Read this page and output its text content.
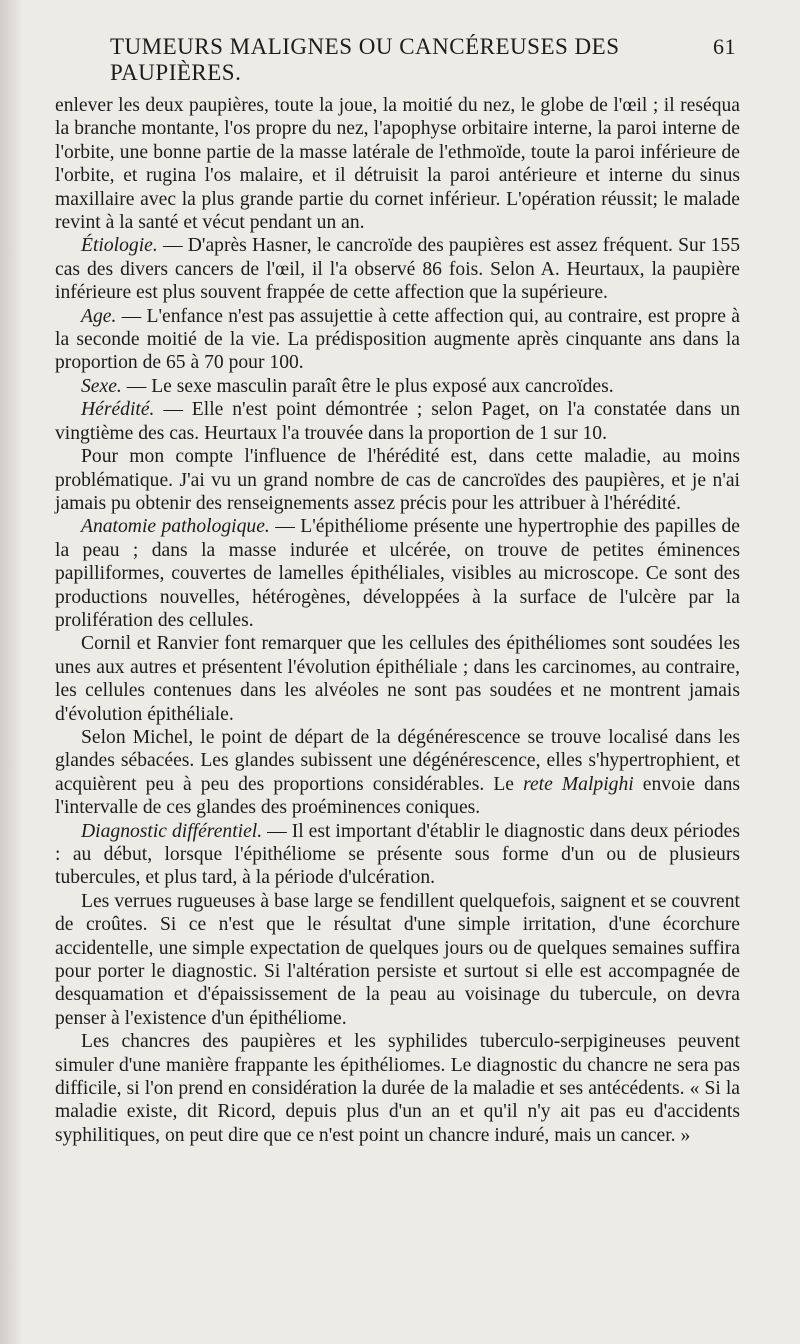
TUMEURS MALIGNES OU CANCÉREUSES DES PAUPIÈRES.
61

enlever les deux paupières, toute la joue, la moitié du nez, le globe de l'œil ; il reséqua la branche montante, l'os propre du nez, l'apophyse orbitaire interne, la paroi interne de l'orbite, une bonne partie de la masse latérale de l'ethmoïde, toute la paroi inférieure de l'orbite, et rugina l'os malaire, et il détruisit la paroi antérieure et interne du sinus maxillaire avec la plus grande partie du cornet inférieur. L'opération réussit; le malade revint à la santé et vécut pendant un an.

Étiologie. — D'après Hasner, le cancroïde des paupières est assez fréquent. Sur 155 cas des divers cancers de l'œil, il l'a observé 86 fois. Selon A. Heurtaux, la paupière inférieure est plus souvent frappée de cette affection que la supérieure.

Age. — L'enfance n'est pas assujettie à cette affection qui, au contraire, est propre à la seconde moitié de la vie. La prédisposition augmente après cinquante ans dans la proportion de 65 à 70 pour 100.

Sexe. — Le sexe masculin paraît être le plus exposé aux cancroïdes.

Hérédité. — Elle n'est point démontrée ; selon Paget, on l'a constatée dans un vingtième des cas. Heurtaux l'a trouvée dans la proportion de 1 sur 10.

Pour mon compte l'influence de l'hérédité est, dans cette maladie, au moins problématique. J'ai vu un grand nombre de cas de cancroïdes des paupières, et je n'ai jamais pu obtenir des renseignements assez précis pour les attribuer à l'hérédité.

Anatomie pathologique. — L'épithéliome présente une hypertrophie des papilles de la peau ; dans la masse indurée et ulcérée, on trouve de petites éminences papilliformes, couvertes de lamelles épithéliales, visibles au microscope. Ce sont des productions nouvelles, hétérogènes, développées à la surface de l'ulcère par la prolifération des cellules.

Cornil et Ranvier font remarquer que les cellules des épithéliomes sont soudées les unes aux autres et présentent l'évolution épithéliale ; dans les carcinomes, au contraire, les cellules contenues dans les alvéoles ne sont pas soudées et ne montrent jamais d'évolution épithéliale.

Selon Michel, le point de départ de la dégénérescence se trouve localisé dans les glandes sébacées. Les glandes subissent une dégénérescence, elles s'hypertrophient, et acquièrent peu à peu des proportions considérables. Le rete Malpighi envoie dans l'intervalle de ces glandes des proéminences coniques.

Diagnostic différentiel. — Il est important d'établir le diagnostic dans deux périodes : au début, lorsque l'épithéliome se présente sous forme d'un ou de plusieurs tubercules, et plus tard, à la période d'ulcération.

Les verrues rugueuses à base large se fendillent quelquefois, saignent et se couvrent de croûtes. Si ce n'est que le résultat d'une simple irritation, d'une écorchure accidentelle, une simple expectation de quelques jours ou de quelques semaines suffira pour porter le diagnostic. Si l'altération persiste et surtout si elle est accompagnée de desquamation et d'épaississement de la peau au voisinage du tubercule, on devra penser à l'existence d'un épithéliome.

Les chancres des paupières et les syphilides tuberculo-serpigineuses peuvent simuler d'une manière frappante les épithéliomes. Le diagnostic du chancre ne sera pas difficile, si l'on prend en considération la durée de la maladie et ses antécédents. « Si la maladie existe, dit Ricord, depuis plus d'un an et qu'il n'y ait pas eu d'accidents syphilitiques, on peut dire que ce n'est point un chancre induré, mais un cancer. »
